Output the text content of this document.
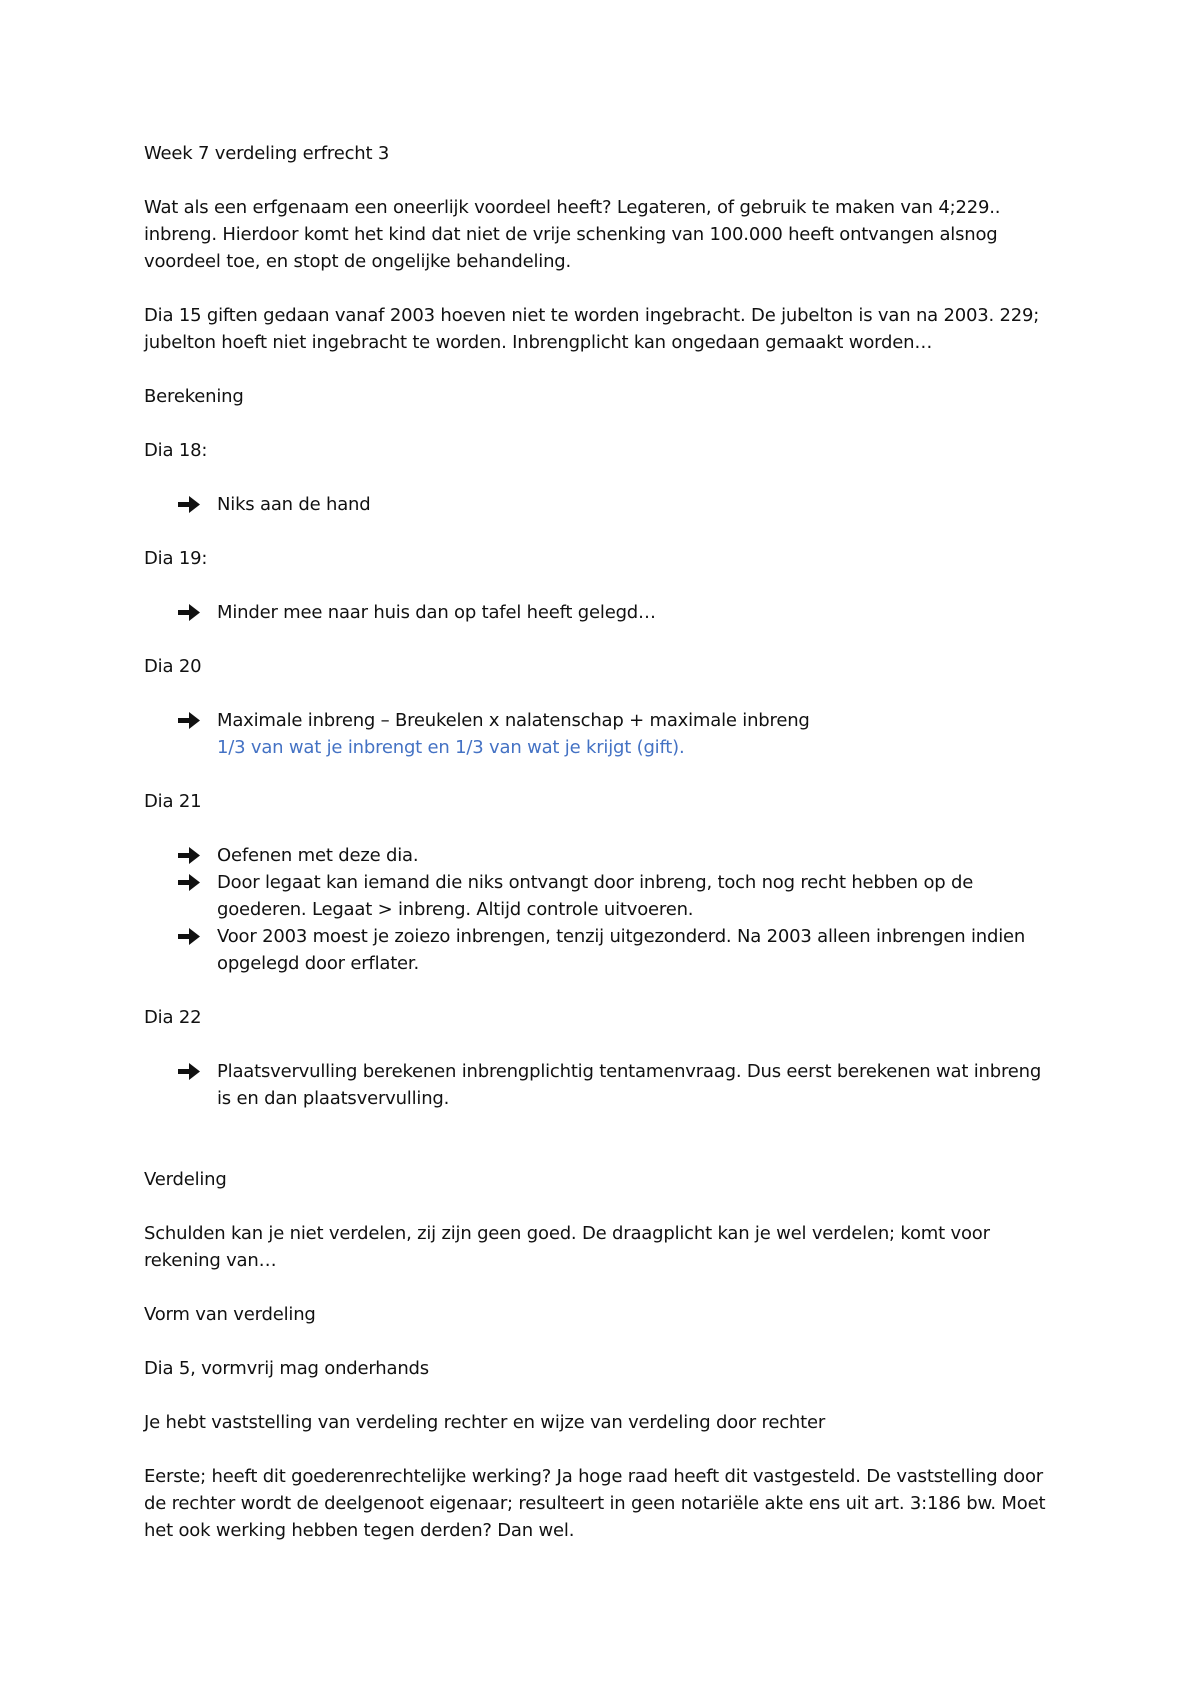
Week 7 verdeling erfrecht 3

Wat als een erfgenaam een oneerlijk voordeel heeft? Legateren, of gebruik te maken van 4;229.. inbreng. Hierdoor komt het kind dat niet de vrije schenking van 100.000 heeft ontvangen alsnog voordeel toe, en stopt de ongelijke behandeling.

Dia 15 giften gedaan vanaf 2003 hoeven niet te worden ingebracht. De jubelton is van na 2003. 229; jubelton hoeft niet ingebracht te worden. Inbrengplicht kan ongedaan gemaakt worden…

Berekening

Dia 18:

Niks aan de hand

Dia 19:

Minder mee naar huis dan op tafel heeft gelegd…

Dia 20

Maximale inbreng – Breukelen x nalatenschap + maximale inbreng
1/3 van wat je inbrengt en 1/3 van wat je krijgt (gift).

Dia 21

Oefenen met deze dia.
Door legaat kan iemand die niks ontvangt door inbreng, toch nog recht hebben op de goederen. Legaat > inbreng. Altijd controle uitvoeren.
Voor 2003 moest je zoiezo inbrengen, tenzij uitgezonderd. Na 2003 alleen inbrengen indien opgelegd door erflater.

Dia 22

Plaatsvervulling berekenen inbrengplichtig tentamenvraag. Dus eerst berekenen wat inbreng is en dan plaatsvervulling.

Verdeling

Schulden kan je niet verdelen, zij zijn geen goed. De draagplicht kan je wel verdelen; komt voor rekening van…

Vorm van verdeling

Dia 5, vormvrij mag onderhands

Je hebt vaststelling van verdeling rechter en wijze van verdeling door rechter

Eerste; heeft dit goederenrechtelijke werking? Ja hoge raad heeft dit vastgesteld. De vaststelling door de rechter wordt de deelgenoot eigenaar; resulteert in geen notariële akte ens uit art. 3:186 bw. Moet het ook werking hebben tegen derden? Dan wel.
